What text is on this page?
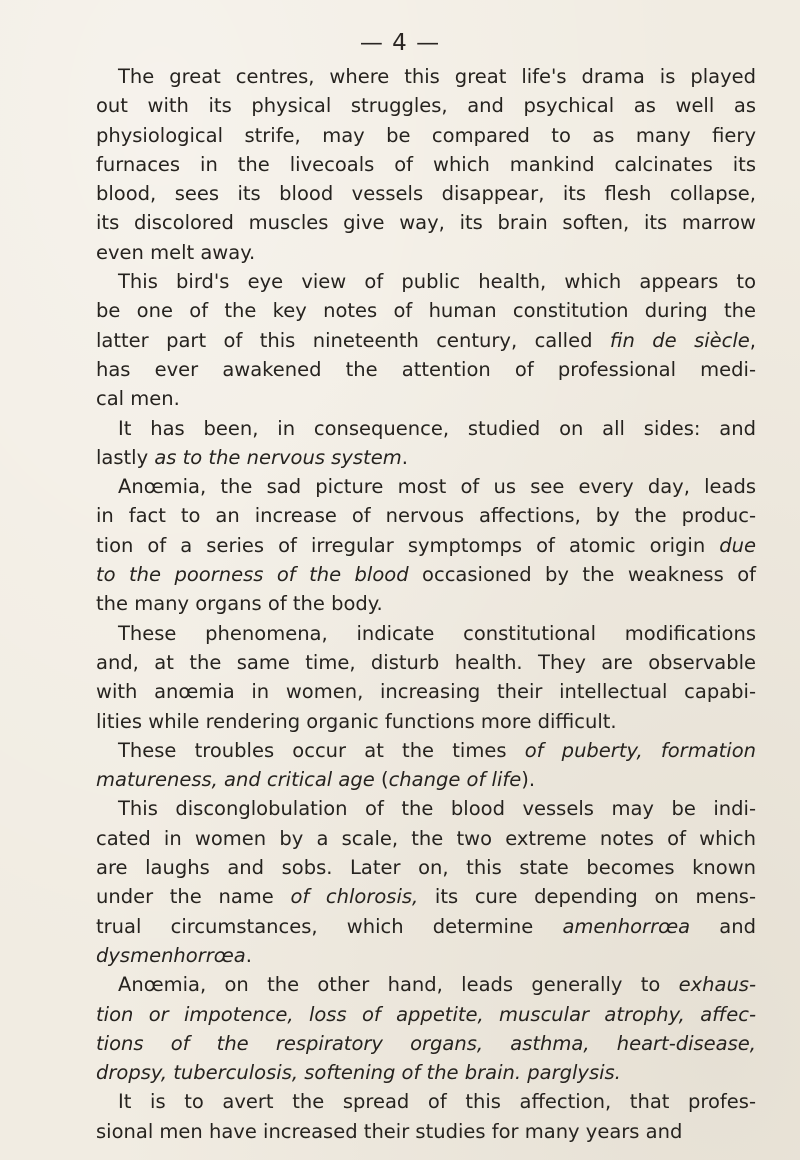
— 4 —
The great centres, where this great life's drama is played
out with its physical struggles, and psychical as well as
physiological strife, may be compared to as many fiery
furnaces in the livecoals of which mankind calcinates its
blood, sees its blood vessels disappear, its flesh collapse,
its discolored muscles give way, its brain soften, its marrow
even melt away.
This bird's eye view of public health, which appears to
be one of the key notes of human constitution during the
latter part of this nineteenth century, called fin de siècle,
has ever awakened the attention of professional medi-
cal men.
It has been, in consequence, studied on all sides: and
lastly as to the nervous system.
Anœmia, the sad picture most of us see every day, leads
in fact to an increase of nervous affections, by the produc-
tion of a series of irregular symptomps of atomic origin due
to the poorness of the blood occasioned by the weakness of
the many organs of the body.
These phenomena, indicate constitutional modifications
and, at the same time, disturb health. They are observable
with anœmia in women, increasing their intellectual capabi-
lities while rendering organic functions more difficult.
These troubles occur at the times of puberty, formation
matureness, and critical age (change of life).
This disconglobulation of the blood vessels may be indi-
cated in women by a scale, the two extreme notes of which
are laughs and sobs. Later on, this state becomes known
under the name of chlorosis, its cure depending on mens-
trual circumstances, which determine amenhorrœa and
dysmenhorrœa.
Anœmia, on the other hand, leads generally to exhaus-
tion or impotence, loss of appetite, muscular atrophy, affec-
tions of the respiratory organs, asthma, heart-disease,
dropsy, tuberculosis, softening of the brain. parglysis.
It is to avert the spread of this affection, that profes-
sional men have increased their studies for many years and
